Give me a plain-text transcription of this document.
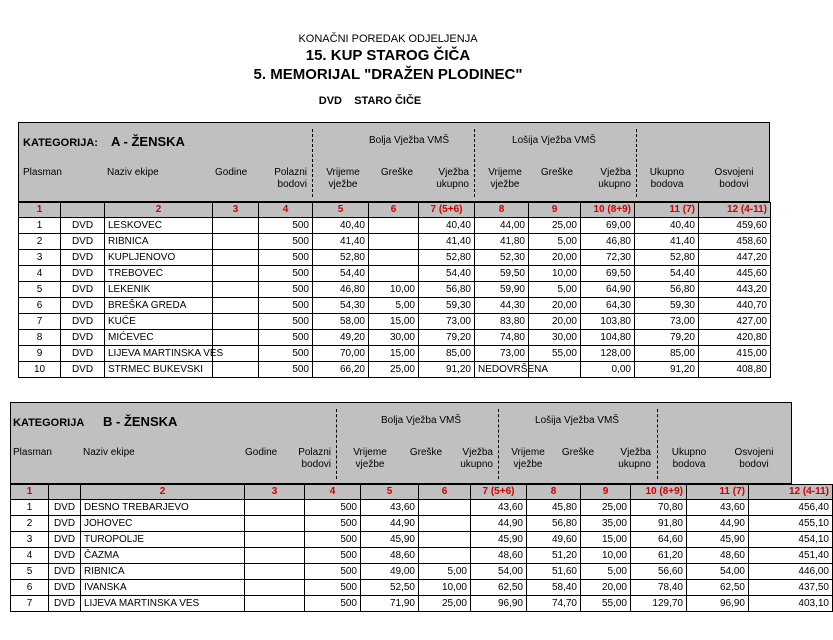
KONAČNI POREDAK ODJELJENJA
15. KUP STAROG ČIČA
5. MEMORIJAL "DRAŽEN PLODINEC"
DVD    STARO ČIČE
KATEGORIJA: A - ŽENSKA	Bolja Vježba VMŠ	Lošija Vježba VMŠ
Plasman	Naziv ekipe	Godine	Polazni
bodovi
Vrijeme
vježbe
Greške	Vježba
ukupno
Vrijeme
vježbe
Greške	Vježba
ukupno
Ukupno
bodova
Osvojeni
bodovi
1		2	3	4	5	6	7 (5+6)	8	9	10 (8+9)	11 (7)	12 (4-11)
1	DVD	LESKOVEC		500	40,40		40,40	44,00	25,00	69,00	40,40	459,60
2	DVD	RIBNICA		500	41,40		41,40	41,80	5,00	46,80	41,40	458,60
3	DVD	KUPLJENOVO		500	52,80		52,80	52,30	20,00	72,30	52,80	447,20
4	DVD	TREBOVEC		500	54,40		54,40	59,50	10,00	69,50	54,40	445,60
5	DVD	LEKENIK		500	46,80	10,00	56,80	59,90	5,00	64,90	56,80	443,20
6	DVD	BREŠKA GREDA		500	54,30	5,00	59,30	44,30	20,00	64,30	59,30	440,70
7	DVD	KUĆE		500	58,00	15,00	73,00	83,80	20,00	103,80	73,00	427,00
8	DVD	MIĆEVEC		500	49,20	30,00	79,20	74,80	30,00	104,80	79,20	420,80
9	DVD	LIJEVA MARTINSKA VES		500	70,00	15,00	85,00	73,00	55,00	128,00	85,00	415,00
10	DVD	STRMEC BUKEVSKI		500	66,20	25,00	91,20	NEDOVRŠENA		0,00	91,20	408,80
KATEGORIJA B - ŽENSKA	Bolja Vježba VMŠ	Lošija Vježba VMŠ
Plasman	Naziv ekipe	Godine	Polazni
bodovi
Vrijeme
vježbe
Greške	Vježba
ukupno
Vrijeme
vježbe
Greške	Vježba
ukupno
Ukupno
bodova
Osvojeni
bodovi
1		2	3	4	5	6	7 (5+6)	8	9	10 (8+9)	11 (7)	12 (4-11)
1	DVD	DESNO TREBARJEVO		500	43,60		43,60	45,80	25,00	70,80	43,60	456,40
2	DVD	JOHOVEC		500	44,90		44,90	56,80	35,00	91,80	44,90	455,10
3	DVD	TUROPOLJE		500	45,90		45,90	49,60	15,00	64,60	45,90	454,10
4	DVD	ČAZMA		500	48,60		48,60	51,20	10,00	61,20	48,60	451,40
5	DVD	RIBNICA		500	49,00	5,00	54,00	51,60	5,00	56,60	54,00	446,00
6	DVD	IVANSKA		500	52,50	10,00	62,50	58,40	20,00	78,40	62,50	437,50
7	DVD	LIJEVA MARTINSKA VES		500	71,90	25,00	96,90	74,70	55,00	129,70	96,90	403,10
